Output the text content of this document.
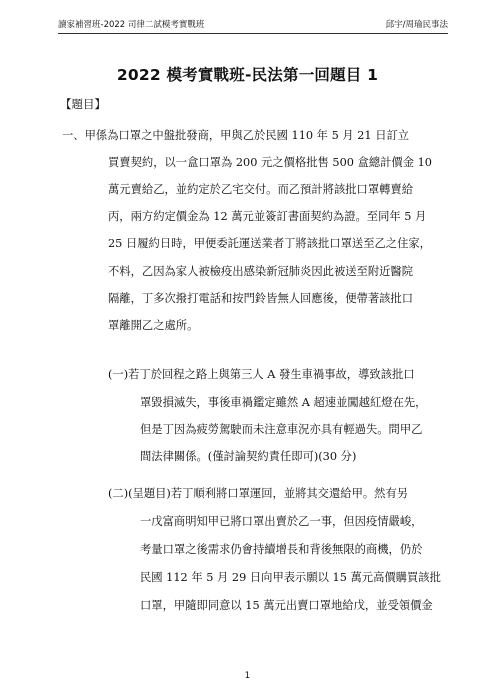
讀家補習班-2022 司律二試模考實戰班	邱宇/周瑜民事法
2022 模考實戰班-民法第一回題目 1
【題目】
一、甲係為口罩之中盤批發商，甲與乙於民國 110 年 5 月 21 日訂立
買賣契約，以一盒口罩為 200 元之價格批售 500 盒總計價金 10
萬元賣給乙，並約定於乙宅交付。而乙預計將該批口罩轉賣給
丙，兩方約定價金為 12 萬元並簽訂書面契約為證。至同年 5 月
25 日履約日時，甲便委託運送業者丁將該批口罩送至乙之住家，
不料，乙因為家人被檢疫出感染新冠肺炎因此被送至附近醫院
隔離，丁多次撥打電話和按門鈴皆無人回應後，便帶著該批口
罩離開乙之處所。
(一)若丁於回程之路上與第三人 A 發生車禍事故，導致該批口
罩毀損滅失，事後車禍鑑定雖然 A 超速並闖越紅燈在先，
但是丁因為疲勞駕駛而未注意車況亦具有輕過失。問甲乙
間法律關係。(僅討論契約責任即可)(30 分)
(二)(呈題目)若丁順利將口罩運回，並將其交還給甲。然有另
一戊富商明知甲已將口罩出賣於乙一事，但因疫情嚴峻，
考量口罩之後需求仍會持續增長和背後無限的商機，仍於
民國 112 年 5 月 29 日向甲表示願以 15 萬元高價購買該批
口罩，甲隨即同意以 15 萬元出賣口罩地給戊，並受領價金
1
